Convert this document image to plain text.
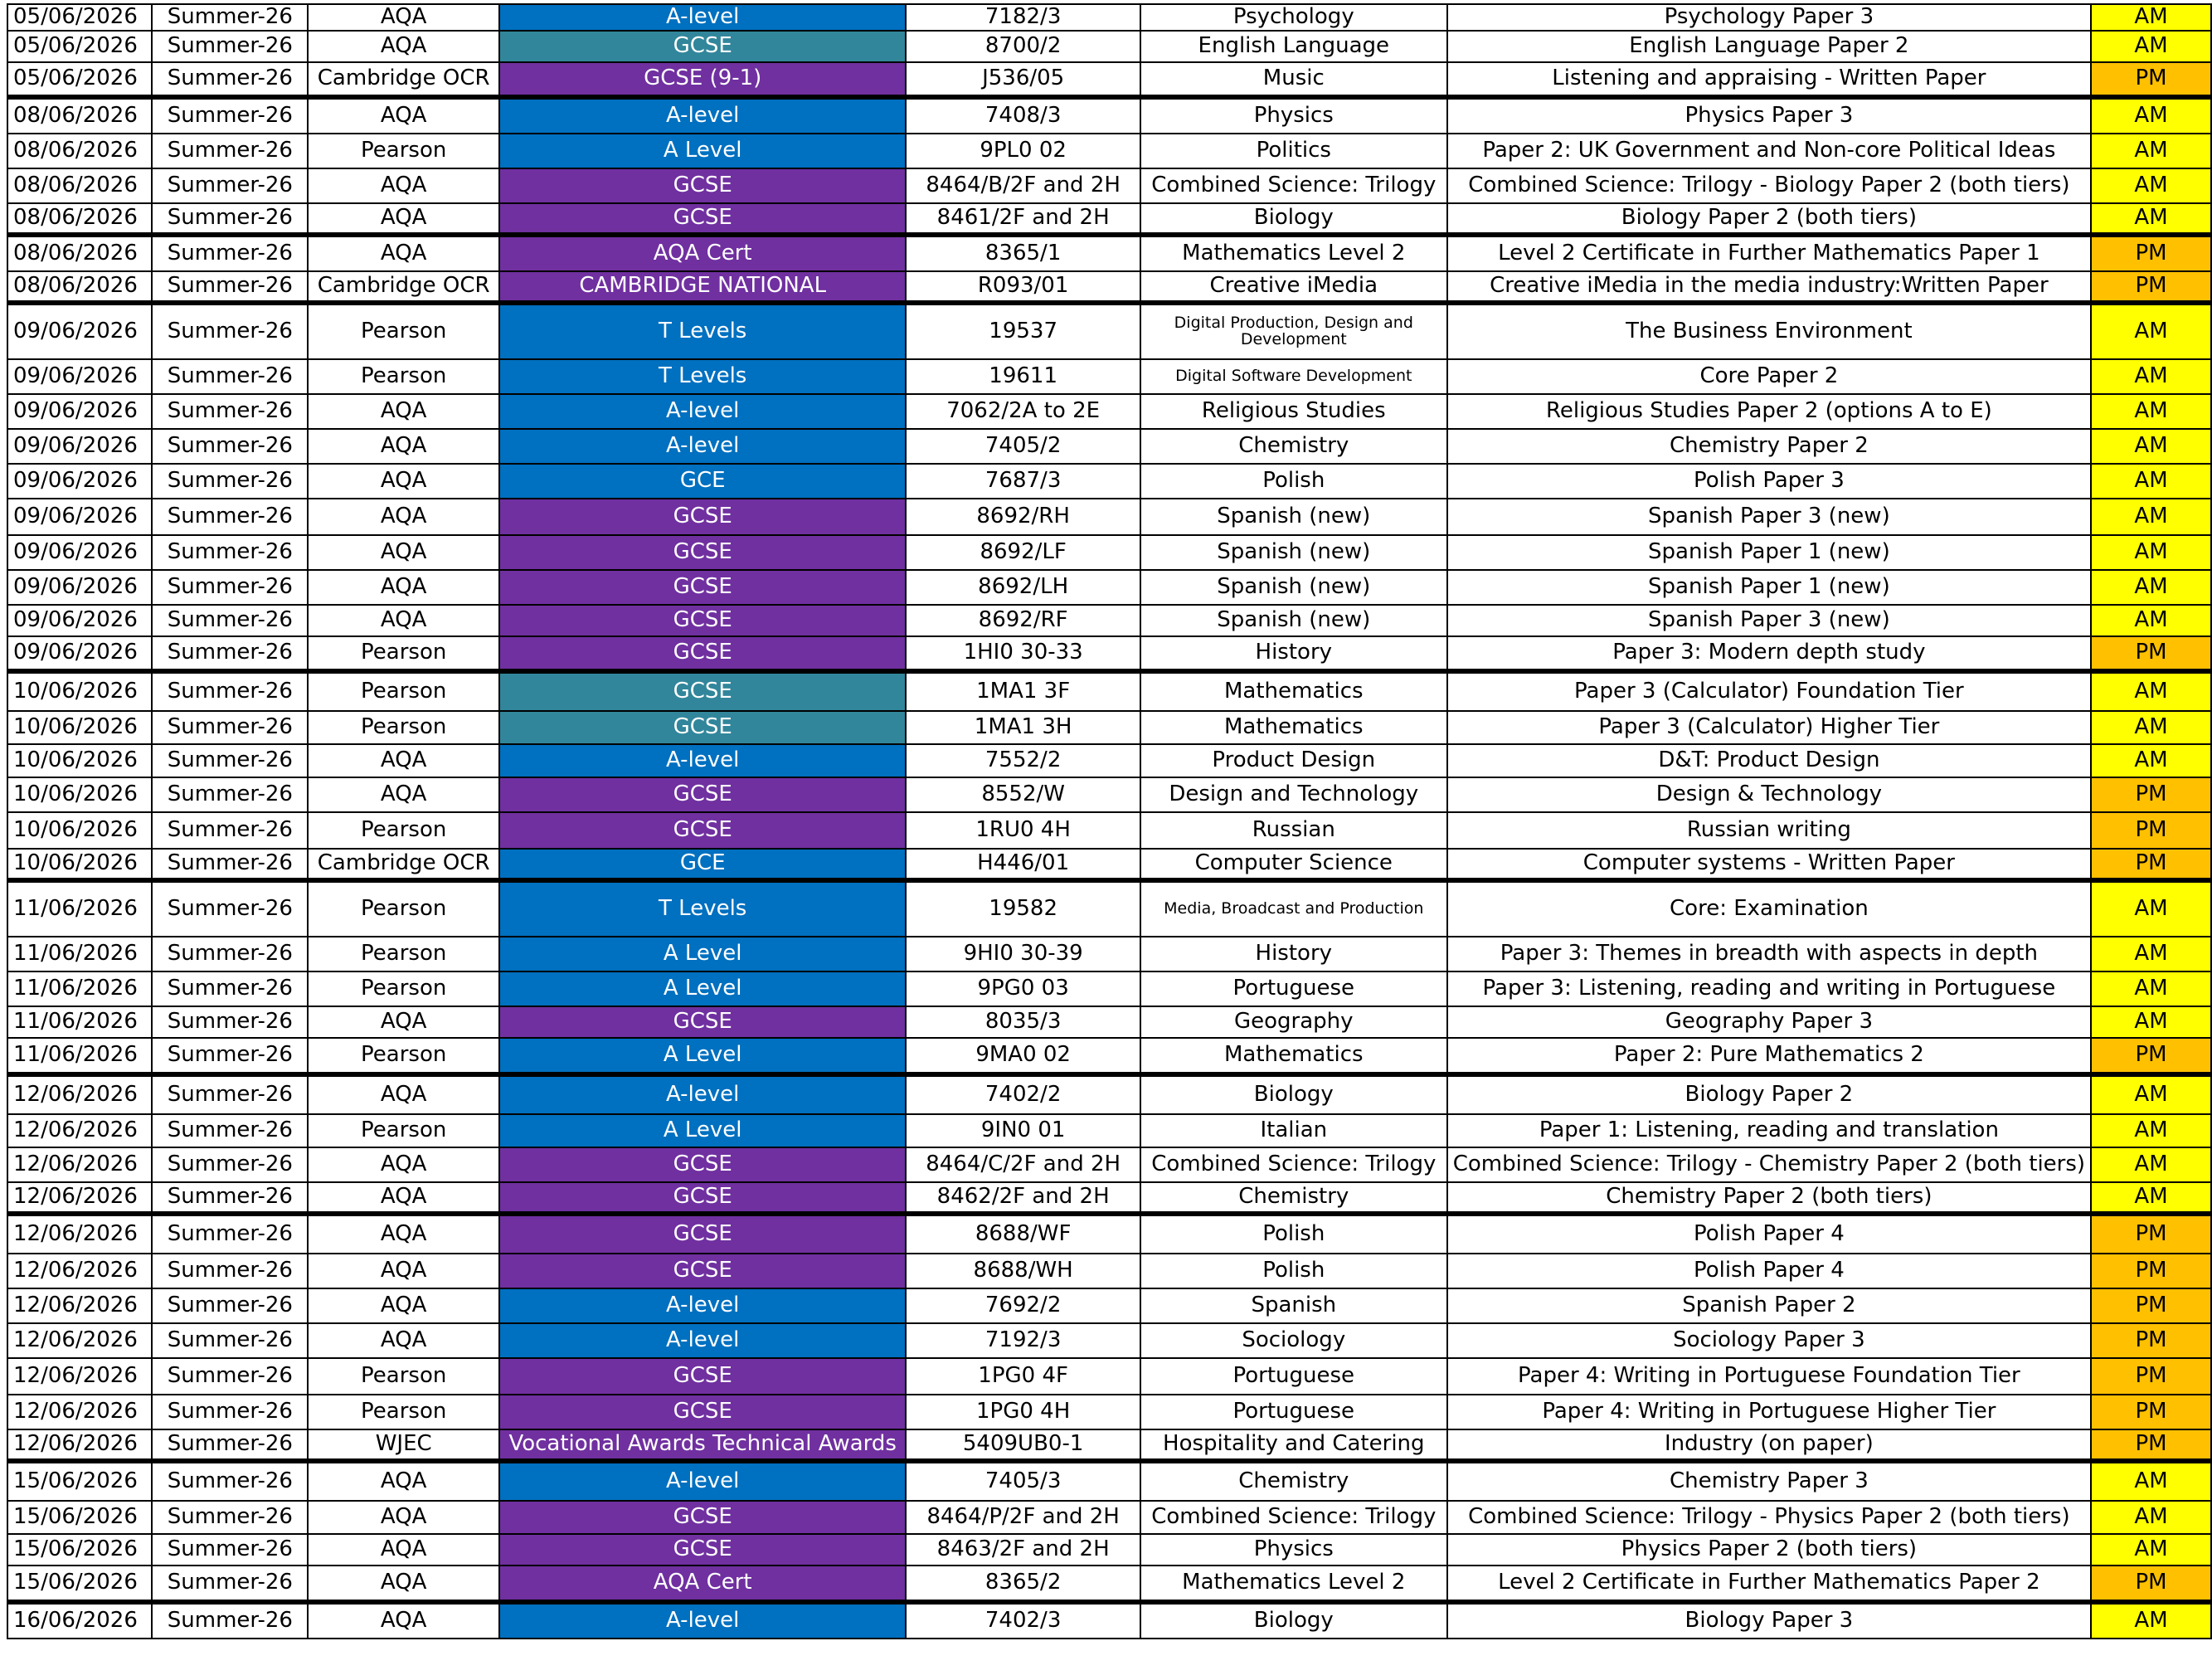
05/06/2026	Summer-26	AQA	A-level	7182/3	Psychology	Psychology Paper 3	AM
05/06/2026	Summer-26	AQA	GCSE	8700/2	English Language	English Language Paper 2	AM
05/06/2026	Summer-26	Cambridge OCR	GCSE (9-1)	J536/05	Music	Listening and appraising - Written Paper	PM
08/06/2026	Summer-26	AQA	A-level	7408/3	Physics	Physics Paper 3	AM
08/06/2026	Summer-26	Pearson	A Level	9PL0 02	Politics	Paper 2: UK Government and Non-core Political Ideas	AM
08/06/2026	Summer-26	AQA	GCSE	8464/B/2F and 2H	Combined Science: Trilogy	Combined Science: Trilogy - Biology Paper 2 (both tiers)	AM
08/06/2026	Summer-26	AQA	GCSE	8461/2F and 2H	Biology	Biology Paper 2 (both tiers)	AM
08/06/2026	Summer-26	AQA	AQA Cert	8365/1	Mathematics Level 2	Level 2 Certificate in Further Mathematics Paper 1	PM
08/06/2026	Summer-26	Cambridge OCR	CAMBRIDGE NATIONAL	R093/01	Creative iMedia	Creative iMedia in the media industry:Written Paper	PM
09/06/2026	Summer-26	Pearson	T Levels	19537	Digital Production, Design and Development	The Business Environment	AM
09/06/2026	Summer-26	Pearson	T Levels	19611	Digital Software Development	Core Paper 2	AM
09/06/2026	Summer-26	AQA	A-level	7062/2A to 2E	Religious Studies	Religious Studies Paper 2 (options A to E)	AM
09/06/2026	Summer-26	AQA	A-level	7405/2	Chemistry	Chemistry Paper 2	AM
09/06/2026	Summer-26	AQA	GCE	7687/3	Polish	Polish Paper 3	AM
09/06/2026	Summer-26	AQA	GCSE	8692/RH	Spanish (new)	Spanish Paper 3 (new)	AM
09/06/2026	Summer-26	AQA	GCSE	8692/LF	Spanish (new)	Spanish Paper 1 (new)	AM
09/06/2026	Summer-26	AQA	GCSE	8692/LH	Spanish (new)	Spanish Paper 1 (new)	AM
09/06/2026	Summer-26	AQA	GCSE	8692/RF	Spanish (new)	Spanish Paper 3 (new)	AM
09/06/2026	Summer-26	Pearson	GCSE	1HI0 30-33	History	Paper 3: Modern depth study	PM
10/06/2026	Summer-26	Pearson	GCSE	1MA1 3F	Mathematics	Paper 3 (Calculator) Foundation Tier	AM
10/06/2026	Summer-26	Pearson	GCSE	1MA1 3H	Mathematics	Paper 3 (Calculator) Higher Tier	AM
10/06/2026	Summer-26	AQA	A-level	7552/2	Product Design	D&T: Product Design	AM
10/06/2026	Summer-26	AQA	GCSE	8552/W	Design and Technology	Design & Technology	PM
10/06/2026	Summer-26	Pearson	GCSE	1RU0 4H	Russian	Russian writing	PM
10/06/2026	Summer-26	Cambridge OCR	GCE	H446/01	Computer Science	Computer systems - Written Paper	PM
11/06/2026	Summer-26	Pearson	T Levels	19582	Media, Broadcast and Production	Core: Examination	AM
11/06/2026	Summer-26	Pearson	A Level	9HI0 30-39	History	Paper 3: Themes in breadth with aspects in depth	AM
11/06/2026	Summer-26	Pearson	A Level	9PG0 03	Portuguese	Paper 3: Listening, reading and writing in Portuguese	AM
11/06/2026	Summer-26	AQA	GCSE	8035/3	Geography	Geography Paper 3	AM
11/06/2026	Summer-26	Pearson	A Level	9MA0 02	Mathematics	Paper 2: Pure Mathematics 2	PM
12/06/2026	Summer-26	AQA	A-level	7402/2	Biology	Biology Paper 2	AM
12/06/2026	Summer-26	Pearson	A Level	9IN0 01	Italian	Paper 1: Listening, reading and translation	AM
12/06/2026	Summer-26	AQA	GCSE	8464/C/2F and 2H	Combined Science: Trilogy	Combined Science: Trilogy - Chemistry Paper 2 (both tiers)	AM
12/06/2026	Summer-26	AQA	GCSE	8462/2F and 2H	Chemistry	Chemistry Paper 2 (both tiers)	AM
12/06/2026	Summer-26	AQA	GCSE	8688/WF	Polish	Polish Paper 4	PM
12/06/2026	Summer-26	AQA	GCSE	8688/WH	Polish	Polish Paper 4	PM
12/06/2026	Summer-26	AQA	A-level	7692/2	Spanish	Spanish Paper 2	PM
12/06/2026	Summer-26	AQA	A-level	7192/3	Sociology	Sociology Paper 3	PM
12/06/2026	Summer-26	Pearson	GCSE	1PG0 4F	Portuguese	Paper 4: Writing in Portuguese Foundation Tier	PM
12/06/2026	Summer-26	Pearson	GCSE	1PG0 4H	Portuguese	Paper 4: Writing in Portuguese Higher Tier	PM
12/06/2026	Summer-26	WJEC	Vocational Awards Technical Awards	5409UB0-1	Hospitality and Catering	Industry (on paper)	PM
15/06/2026	Summer-26	AQA	A-level	7405/3	Chemistry	Chemistry Paper 3	AM
15/06/2026	Summer-26	AQA	GCSE	8464/P/2F and 2H	Combined Science: Trilogy	Combined Science: Trilogy - Physics Paper 2 (both tiers)	AM
15/06/2026	Summer-26	AQA	GCSE	8463/2F and 2H	Physics	Physics Paper 2 (both tiers)	AM
15/06/2026	Summer-26	AQA	AQA Cert	8365/2	Mathematics Level 2	Level 2 Certificate in Further Mathematics Paper 2	PM
16/06/2026	Summer-26	AQA	A-level	7402/3	Biology	Biology Paper 3	AM
